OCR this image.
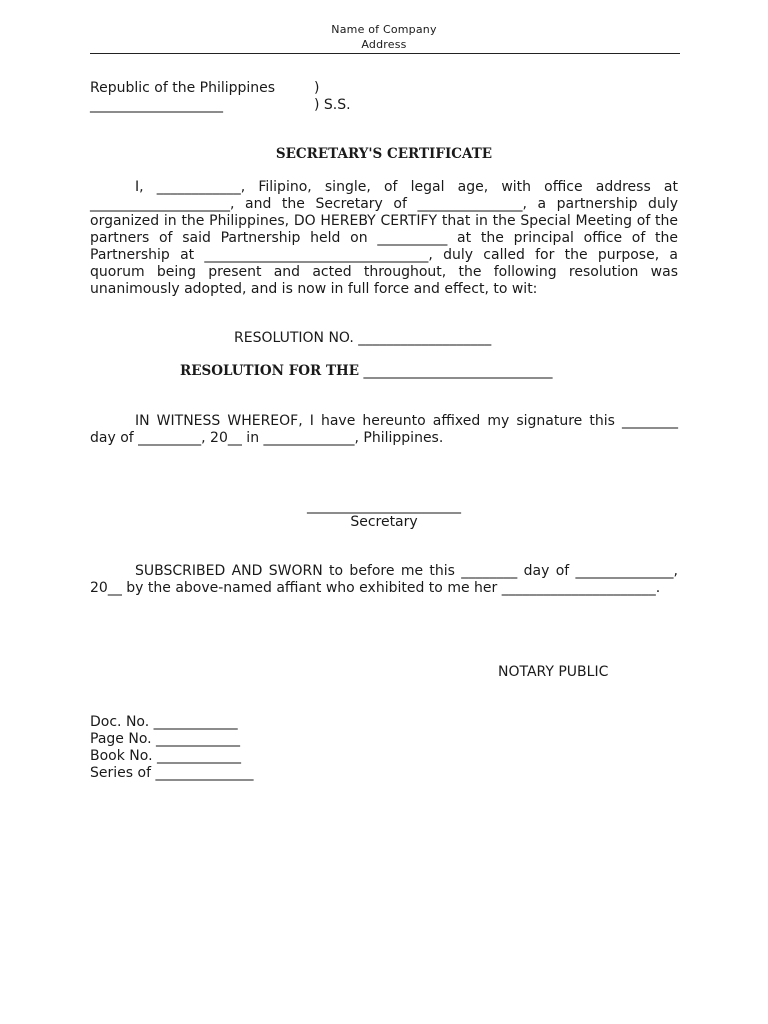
Name of Company
Address
Republic of the Philippines	)
___________________	) S.S.
SECRETARY'S CERTIFICATE

I, ____________, Filipino, single, of legal age, with office address at ____________________, and the Secretary of _______________, a partnership duly organized in the Philippines, DO HEREBY CERTIFY that in the Special Meeting of the partners of said Partnership held on __________ at the principal office of the Partnership at ________________________________, duly called for the purpose, a quorum being present and acted throughout, the following resolution was unanimously adopted, and is now in full force and effect, to wit:

RESOLUTION NO. ___________________
RESOLUTION FOR THE ___________________________

IN WITNESS WHEREOF, I have hereunto affixed my signature this ________ day of _________, 20__ in _____________, Philippines.

______________________
Secretary

SUBSCRIBED AND SWORN to before me this ________ day of ______________, 20__ by the above-named affiant who exhibited to me her ______________________.

NOTARY PUBLIC
Doc. No. ____________
Page No. ____________
Book No. ____________
Series of ______________
